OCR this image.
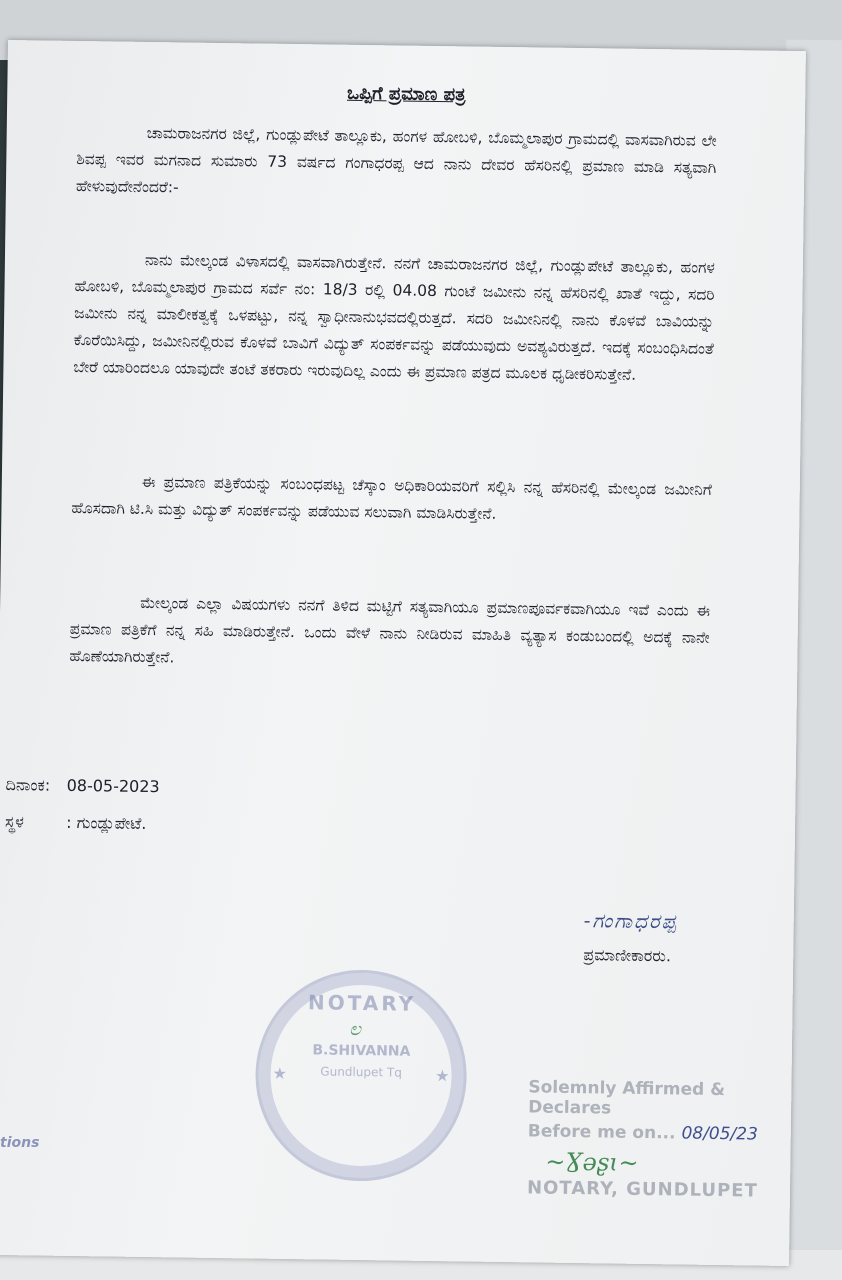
ಒಪ್ಪಿಗೆ ಪ್ರಮಾಣ ಪತ್ರ
ಚಾಮರಾಜನಗರ ಜಿಲ್ಲೆ, ಗುಂಡ್ಲುಪೇಟೆ ತಾಲ್ಲೂಕು, ಹಂಗಳ ಹೋಬಳಿ, ಬೊಮ್ಮಲಾಪುರ ಗ್ರಾಮದಲ್ಲಿ ವಾಸವಾಗಿರುವ ಲೇ ಶಿವಪ್ಪ ಇವರ ಮಗನಾದ ಸುಮಾರು 73 ವರ್ಷದ ಗಂಗಾಧರಪ್ಪ ಆದ ನಾನು ದೇವರ ಹೆಸರಿನಲ್ಲಿ ಪ್ರಮಾಣ ಮಾಡಿ ಸತ್ಯವಾಗಿ ಹೇಳುವುದೇನೆಂದರೆ:-
ನಾನು ಮೇಲ್ಕಂಡ ವಿಳಾಸದಲ್ಲಿ ವಾಸವಾಗಿರುತ್ತೇನೆ. ನನಗೆ ಚಾಮರಾಜನಗರ ಜಿಲ್ಲೆ, ಗುಂಡ್ಲುಪೇಟೆ ತಾಲ್ಲೂಕು, ಹಂಗಳ ಹೋಬಳಿ, ಬೊಮ್ಮಲಾಪುರ ಗ್ರಾಮದ ಸರ್ವೆ ನಂ: 18/3 ರಲ್ಲಿ 04.08 ಗುಂಟೆ ಜಮೀನು ನನ್ನ ಹೆಸರಿನಲ್ಲಿ ಖಾತೆ ಇದ್ದು, ಸದರಿ ಜಮೀನು ನನ್ನ ಮಾಲೀಕತ್ವಕ್ಕೆ ಒಳಪಟ್ಟು, ನನ್ನ ಸ್ವಾಧೀನಾನುಭವದಲ್ಲಿರುತ್ತದೆ. ಸದರಿ ಜಮೀನಿನಲ್ಲಿ ನಾನು ಕೊಳವೆ ಬಾವಿಯನ್ನು ಕೊರೆಯಿಸಿದ್ದು, ಜಮೀನಿನಲ್ಲಿರುವ ಕೊಳವೆ ಬಾವಿಗೆ ವಿದ್ಯುತ್ ಸಂಪರ್ಕವನ್ನು ಪಡೆಯುವುದು ಅವಶ್ಯವಿರುತ್ತದೆ. ಇದಕ್ಕೆ ಸಂಬಂಧಿಸಿದಂತೆ ಬೇರೆ ಯಾರಿಂದಲೂ ಯಾವುದೇ ತಂಟೆ ತಕರಾರು ಇರುವುದಿಲ್ಲ ಎಂದು ಈ ಪ್ರಮಾಣ ಪತ್ರದ ಮೂಲಕ ಧೃಡೀಕರಿಸುತ್ತೇನೆ.
ಈ ಪ್ರಮಾಣ ಪತ್ರಿಕೆಯನ್ನು ಸಂಬಂಧಪಟ್ಟ ಚೆಸ್ಕಾಂ ಅಧಿಕಾರಿಯವರಿಗೆ ಸಲ್ಲಿಸಿ ನನ್ನ ಹೆಸರಿನಲ್ಲಿ ಮೇಲ್ಕಂಡ ಜಮೀನಿಗೆ ಹೊಸದಾಗಿ ಟಿ.ಸಿ ಮತ್ತು ವಿದ್ಯುತ್ ಸಂಪರ್ಕವನ್ನು ಪಡೆಯುವ ಸಲುವಾಗಿ ಮಾಡಿಸಿರುತ್ತೇನೆ.
ಮೇಲ್ಕಂಡ ಎಲ್ಲಾ ವಿಷಯಗಳು ನನಗೆ ತಿಳಿದ ಮಟ್ಟಿಗೆ ಸತ್ಯವಾಗಿಯೂ ಪ್ರಮಾಣಪೂರ್ವಕವಾಗಿಯೂ ಇವೆ ಎಂದು ಈ ಪ್ರಮಾಣ ಪತ್ರಿಕೆಗೆ ನನ್ನ ಸಹಿ ಮಾಡಿರುತ್ತೇನೆ. ಒಂದು ವೇಳೆ ನಾನು ನೀಡಿರುವ ಮಾಹಿತಿ ವ್ಯತ್ಯಾಸ ಕಂಡುಬಂದಲ್ಲಿ ಅದಕ್ಕೆ ನಾನೇ ಹೊಣೆಯಾಗಿರುತ್ತೇನೆ.
ದಿನಾಂಕ: 08-05-2023
ಸ್ಥಳ	: ಗುಂಡ್ಲುಪೇಟೆ.
-ಗಂಗಾಧರಪ್ಪ
ಪ್ರಮಾಣೀಕಾರರು.
NOTARY
ಲ
★
B.SHIVANNA
Gundlupet Tq	★
Solemnly Affirmed & Declares
Before me on... 08/05/23
~Ɣəʂɩ~
NOTARY, GUNDLUPET
tions
